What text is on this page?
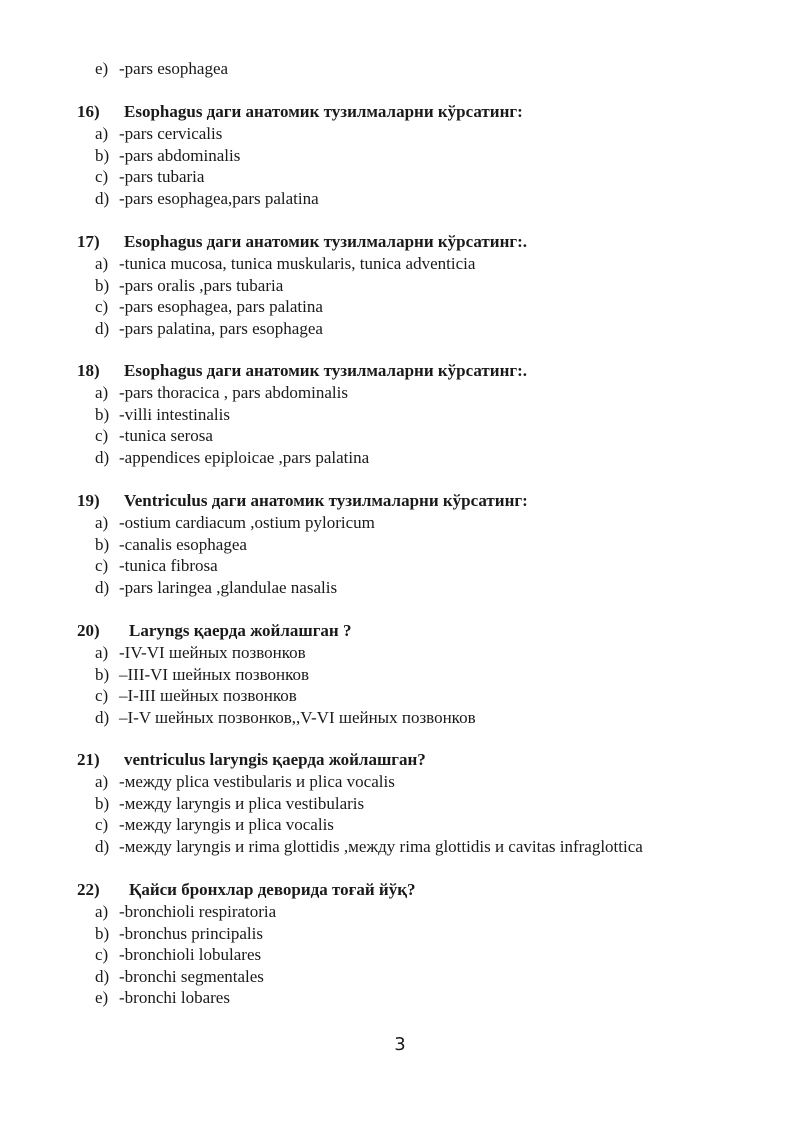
e) -pars esophagea
16) Esophagus даги анатомик тузилмаларни кўрсатинг:
a) -pars cervicalis
b) -pars abdominalis
c) -pars tubaria
d) -pars esophagea,pars palatina
17) Esophagus даги анатомик тузилмаларни кўрсатинг:.
a) -tunica mucosa, tunica muskularis, tunica adventicia
b) -pars oralis ,pars tubaria
c) -pars esophagea, pars palatina
d) -pars palatina, pars esophagea
18) Esophagus даги анатомик тузилмаларни кўрсатинг:.
a) -pars thoracica , pars abdominalis
b) -villi intestinalis
c) -tunica serosa
d) -appendices epiploicae ,pars palatina
19) Ventriculus даги анатомик тузилмаларни кўрсатинг:
a) -ostium cardiacum ,ostium pyloricum
b) -canalis esophagea
c) -tunica fibrosa
d) -pars laringea ,glandulae nasalis
20) Laryngs қаерда жойлашган ?
a) -IV-VI шейных позвонков
b) –III-VI шейных позвонков
c) –I-III шейных позвонков
d) –I-V шейных позвонков,,V-VI шейных позвонков
21) ventriculus laryngis қаерда жойлашган?
a) -между plica vestibularis и plica vocalis
b) -между laryngis и plica vestibularis
c) -между laryngis и plica vocalis
d) -между laryngis и rima glottidis ,между rima glottidis и cavitas infraglottica
22) Қайси бронхлар деворида тоғай йўқ?
a) -bronchioli respiratoria
b) -bronchus principalis
c) -bronchioli lobulares
d) -bronchi segmentales
e) -bronchi lobares
3
